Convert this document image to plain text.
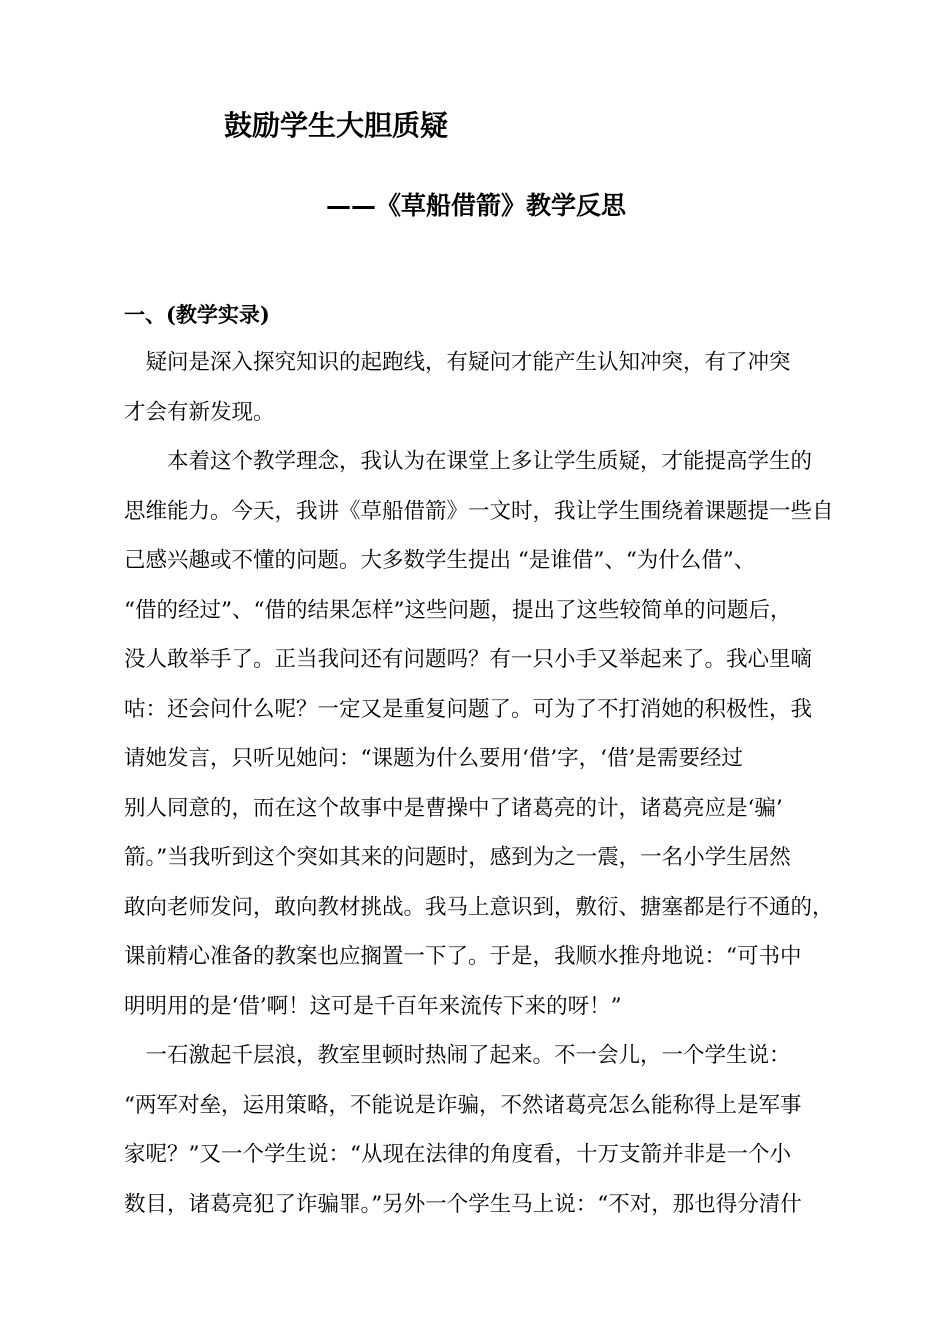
鼓励学生大胆质疑
——《草船借箭》教学反思
一、(教学实录)
　疑问是深入探究知识的起跑线，有疑问才能产生认知冲突，有了冲突
才会有新发现。
　　本着这个教学理念，我认为在课堂上多让学生质疑，才能提高学生的
思维能力。今天，我讲《草船借箭》一文时，我让学生围绕着课题提一些自
己感兴趣或不懂的问题。大多数学生提出 “是谁借”、“为什么借”、
“借的经过”、“借的结果怎样”这些问题，提出了这些较简单的问题后，
没人敢举手了。正当我问还有问题吗？有一只小手又举起来了。我心里嘀
咕：还会问什么呢？一定又是重复问题了。可为了不打消她的积极性，我
请她发言，只听见她问：“课题为什么要用‘借’字，‘借’是需要经过
别人同意的，而在这个故事中是曹操中了诸葛亮的计，诸葛亮应是‘骗’
箭。”当我听到这个突如其来的问题时，感到为之一震，一名小学生居然
敢向老师发问，敢向教材挑战。我马上意识到，敷衍、搪塞都是行不通的，
课前精心准备的教案也应搁置一下了。于是，我顺水推舟地说：“可书中
明明用的是‘借’啊！这可是千百年来流传下来的呀！”
　一石激起千层浪，教室里顿时热闹了起来。不一会儿，一个学生说：
“两军对垒，运用策略，不能说是诈骗，不然诸葛亮怎么能称得上是军事
家呢？”又一个学生说：“从现在法律的角度看，十万支箭并非是一个小
数目，诸葛亮犯了诈骗罪。”另外一个学生马上说：“不对，那也得分清什
